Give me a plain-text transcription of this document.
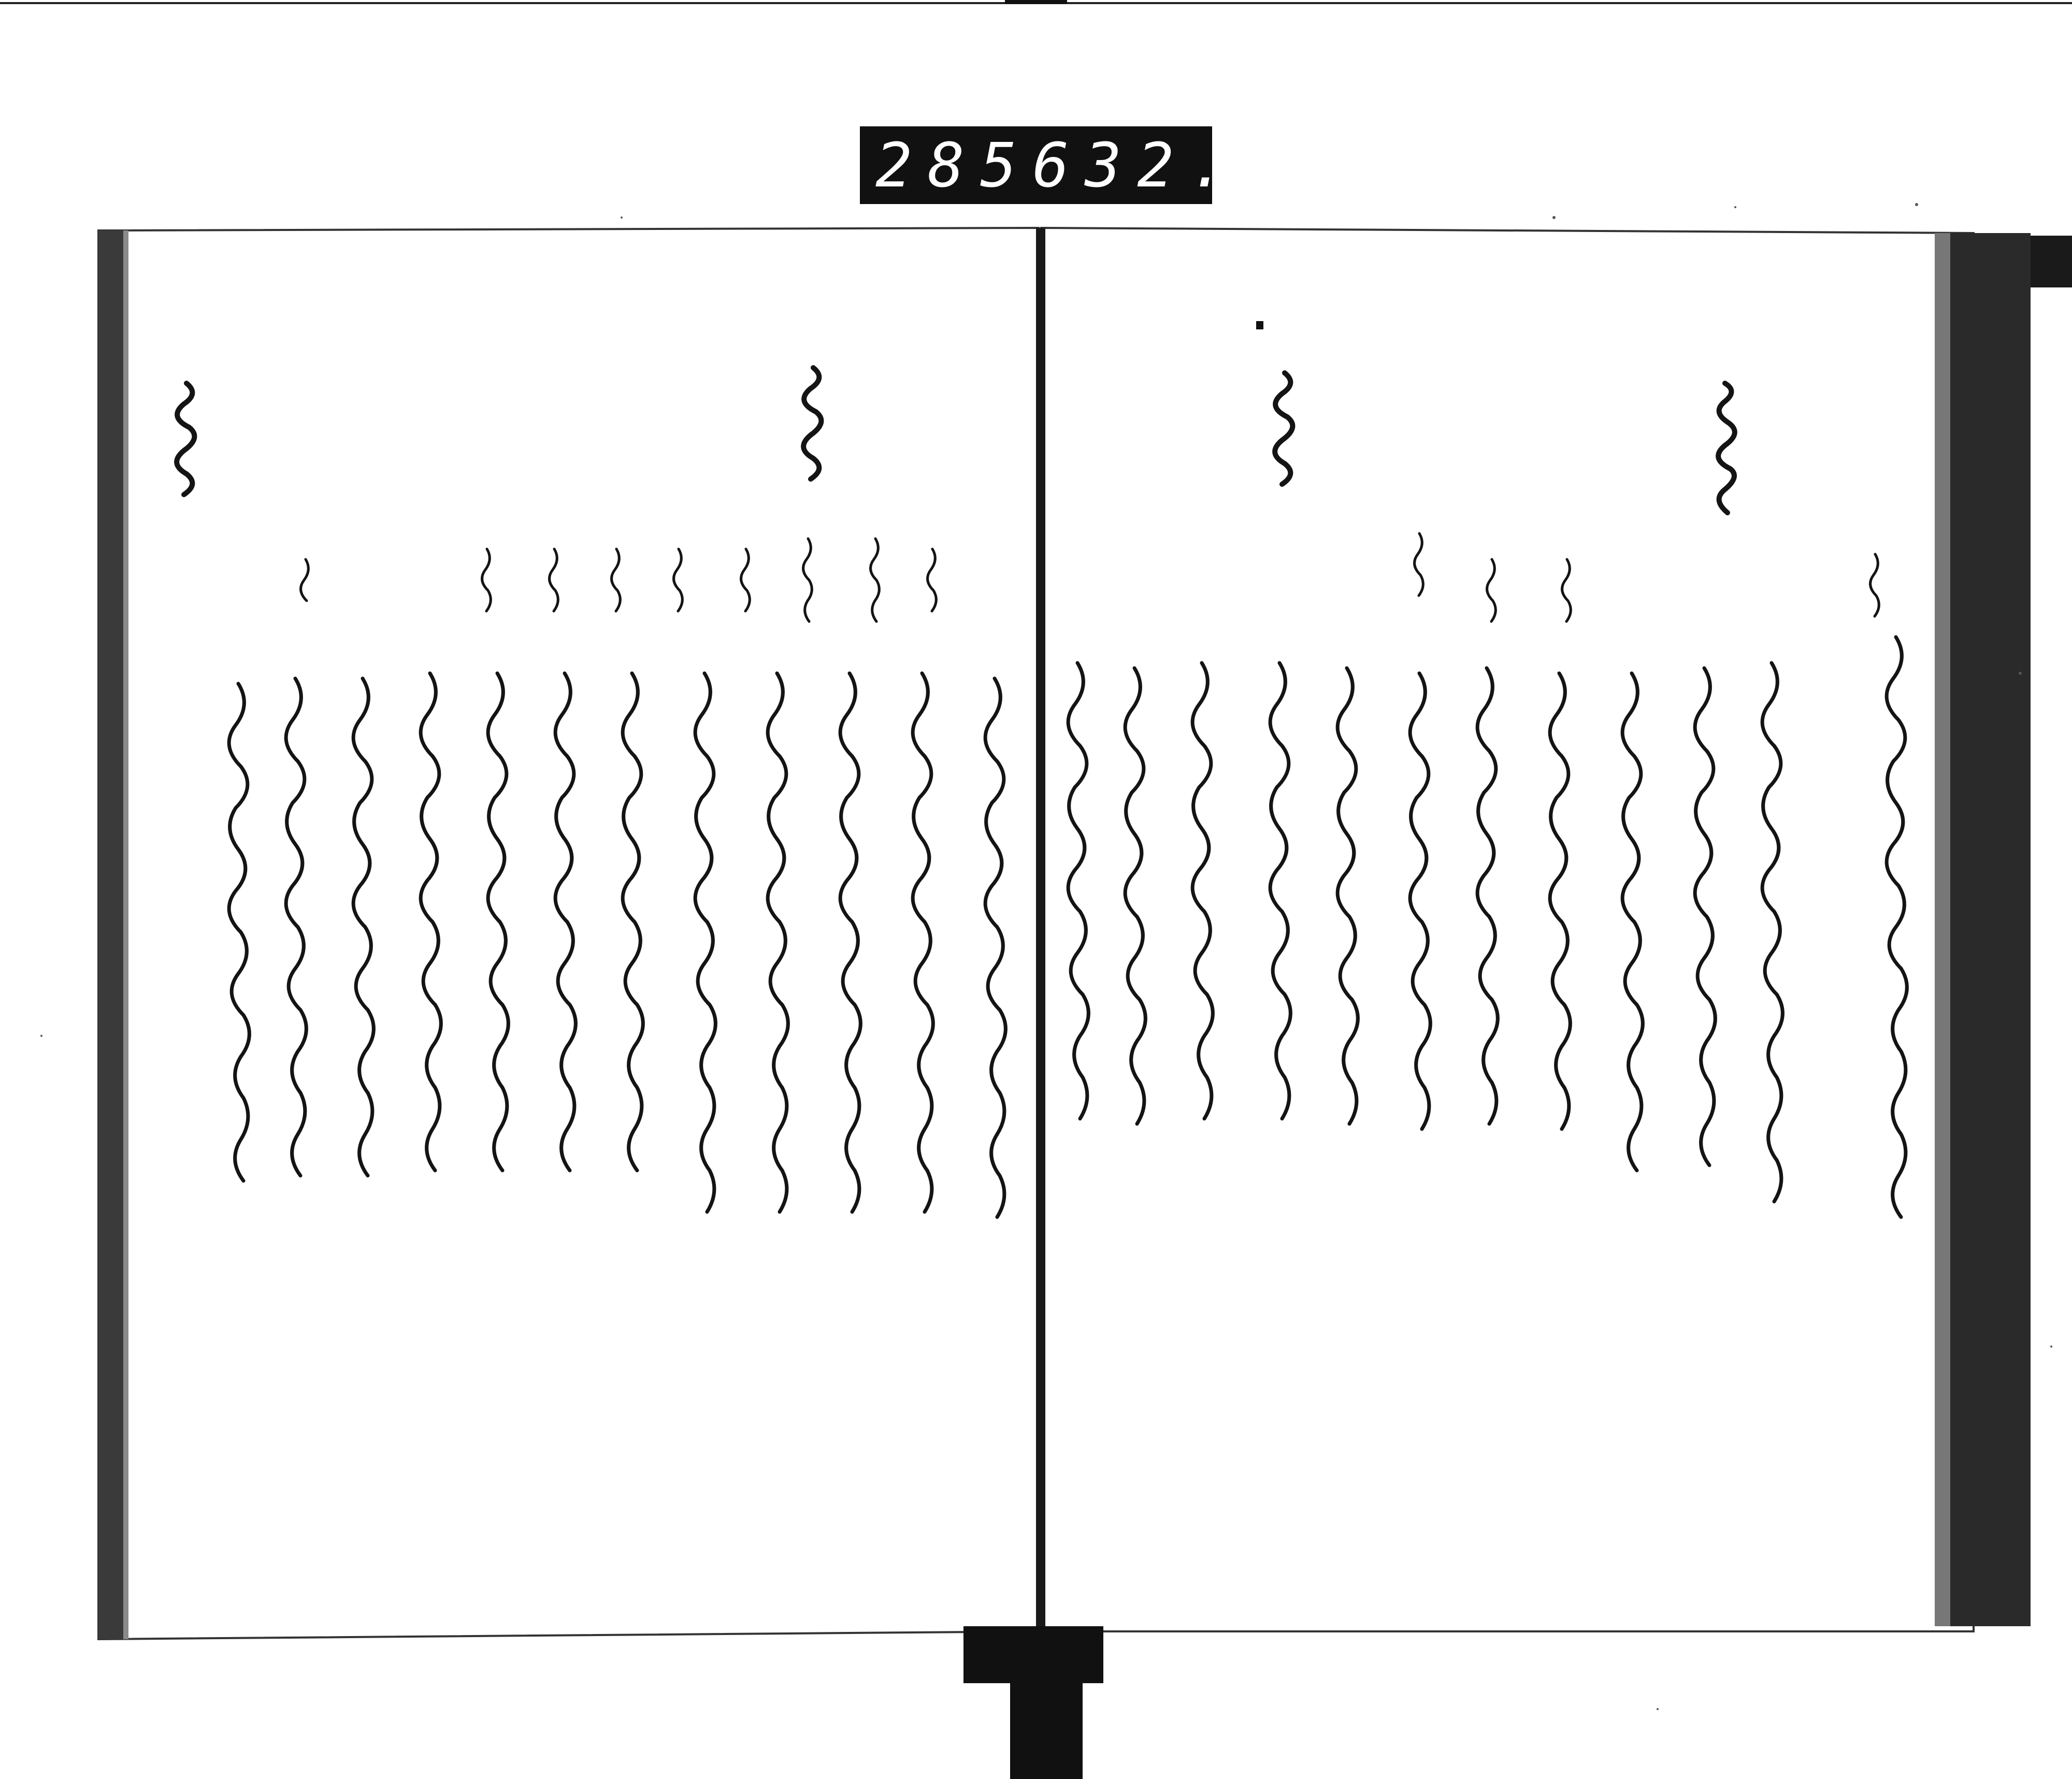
285 632.
